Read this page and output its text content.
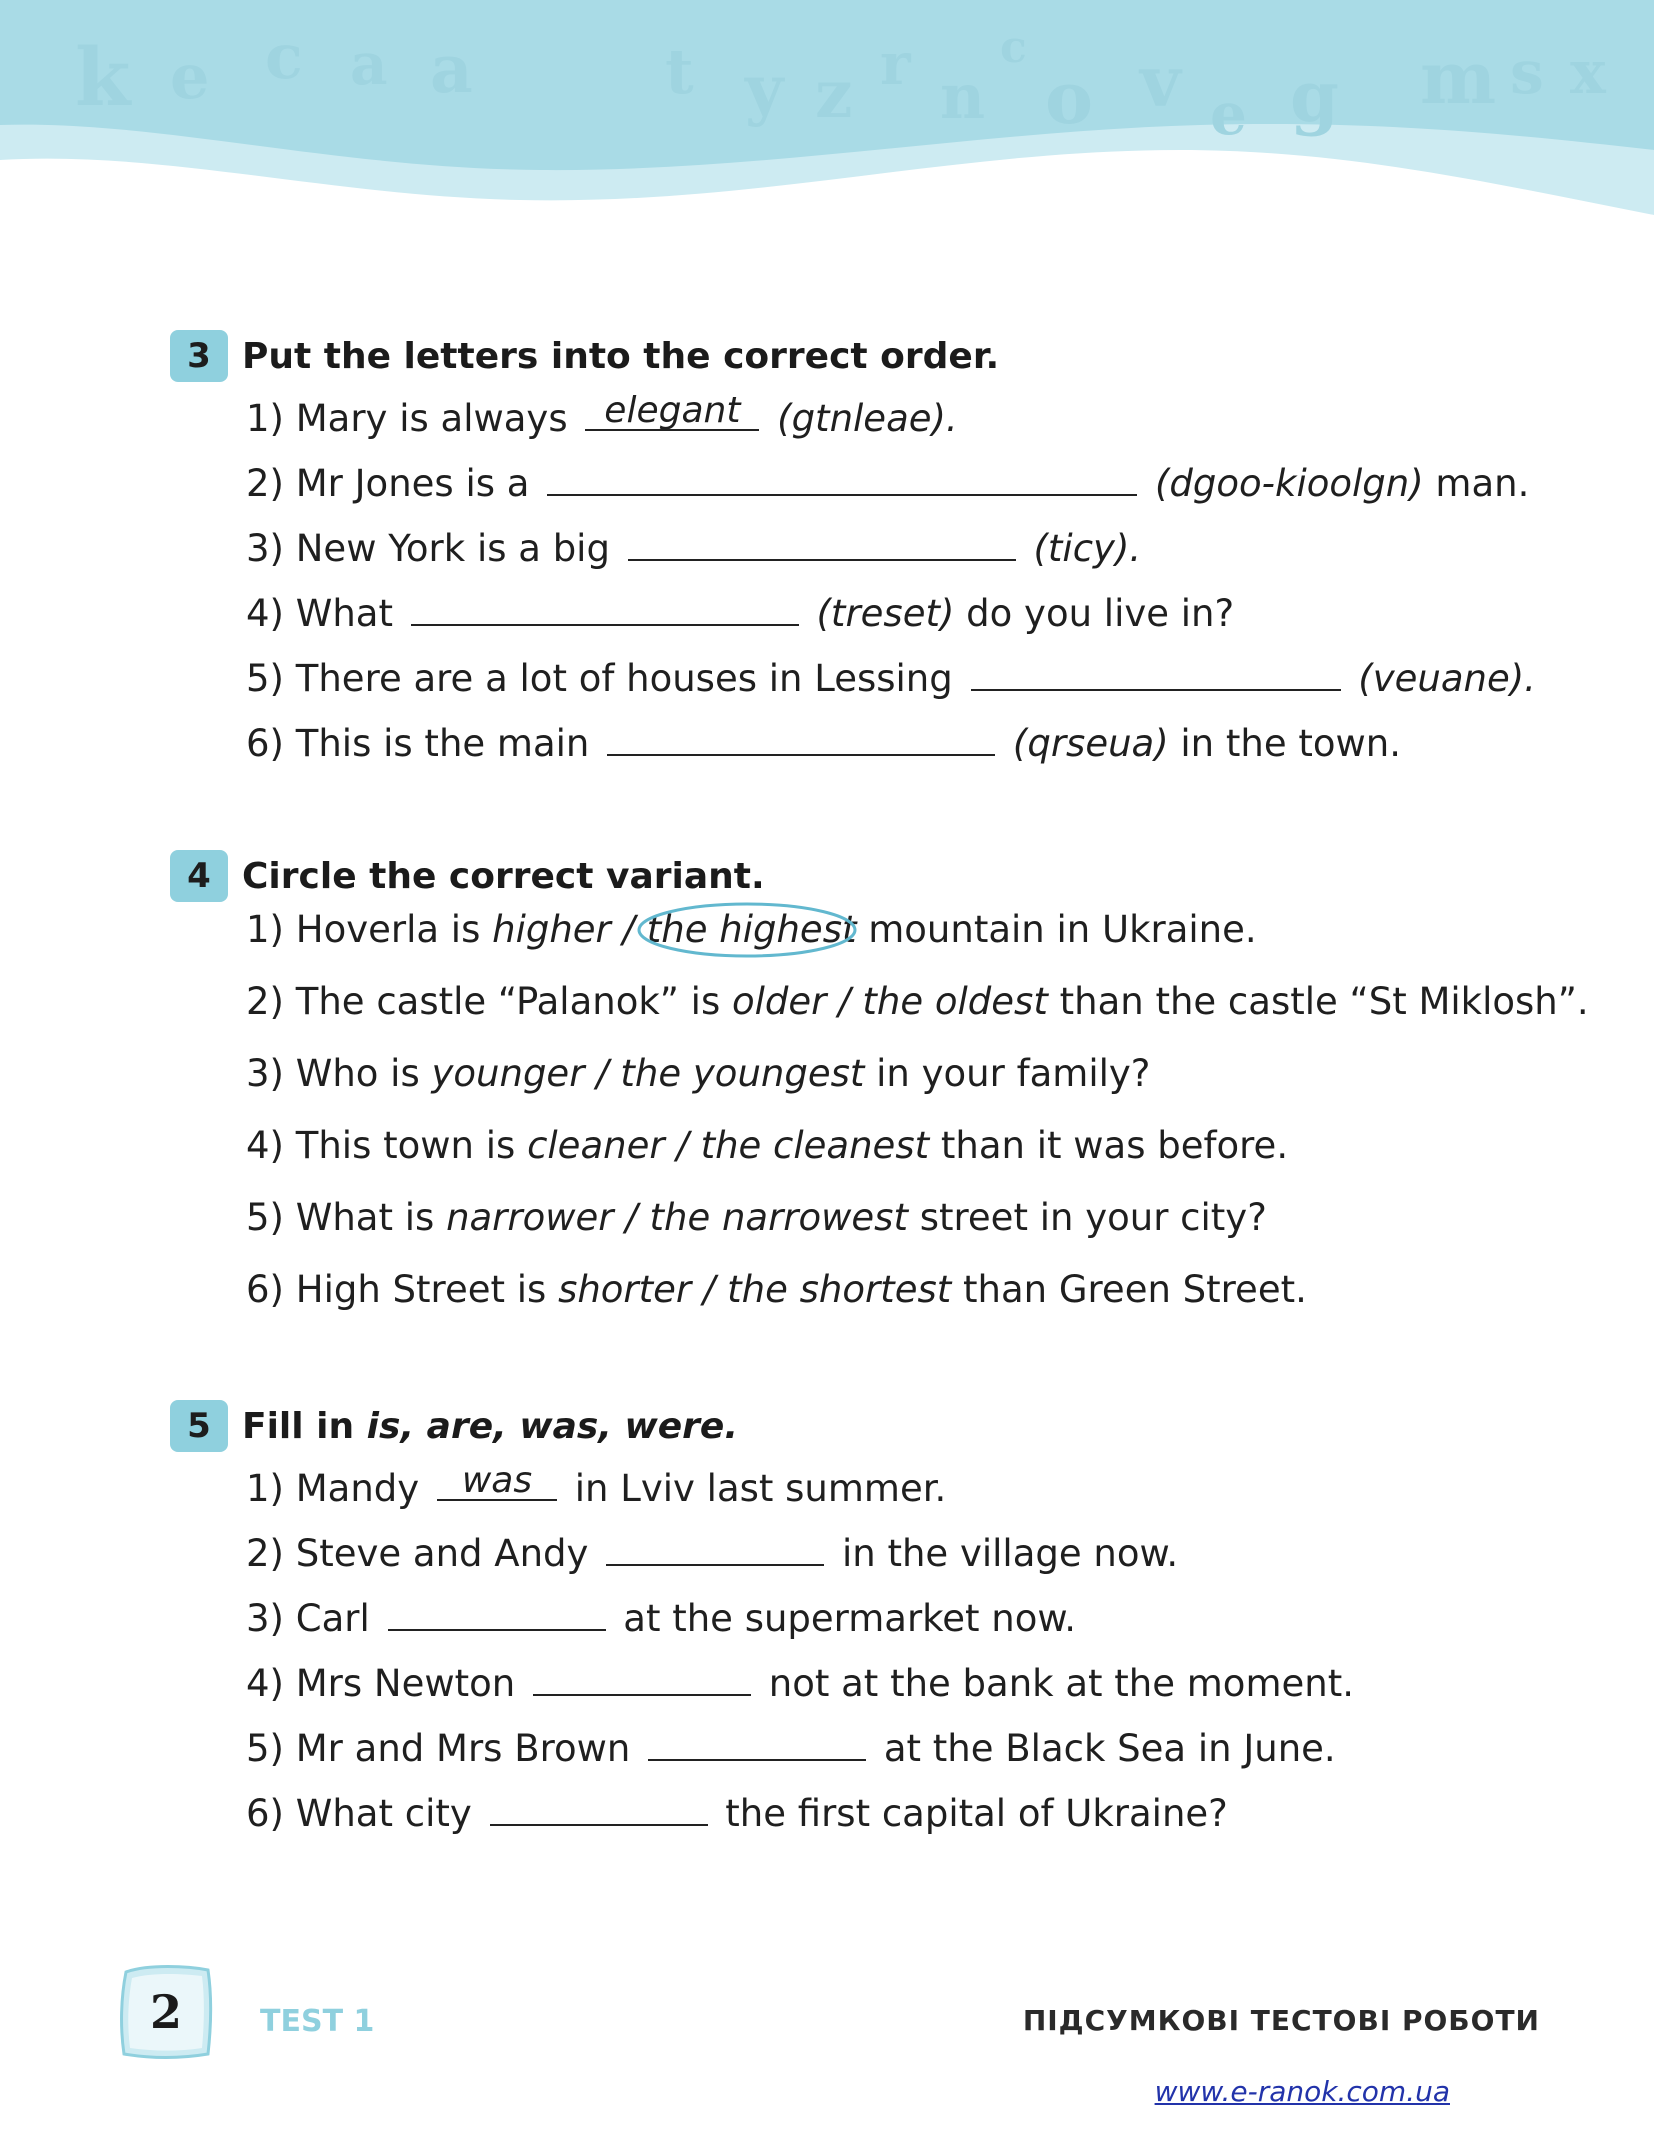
k e c a a	t y z r n
c
o v e g m s x
3 Put the letters into the correct order.
1) Mary is always	elegant (gtnleae).
2) Mr Jones is a	(dgoo-kioolgn) man.
3) New York is a big	(ticy).
4) What	(treset) do you live in?
5) There are a lot of houses in Lessing	(veuane).
6) This is the main	(qrseua) in the town.
4 Circle the correct variant.
1) Hoverla is higher / the highest mountain in Ukraine.
2) The castle “Palanok” is older / the oldest than the castle “St Miklosh”.
3) Who is younger / the youngest in your family?
4) This town is cleaner / the cleanest than it was before.
5) What is narrower / the narrowest street in your city?
6) High Street is shorter / the shortest than Green Street.
5 Fill in is, are, was, were.
1) Mandy	was	in Lviv last summer.
2) Steve and Andy	in the village now.
3) Carl	at the supermarket now.
4) Mrs Newton	not at the bank at the moment.
5) Mr and Mrs Brown	at the Black Sea in June.
6) What city	the first capital of Ukraine?
2	TEST 1	ПІДСУМКОВІ ТЕСТОВІ РОБОТИ
www.e-ranok.com.ua
